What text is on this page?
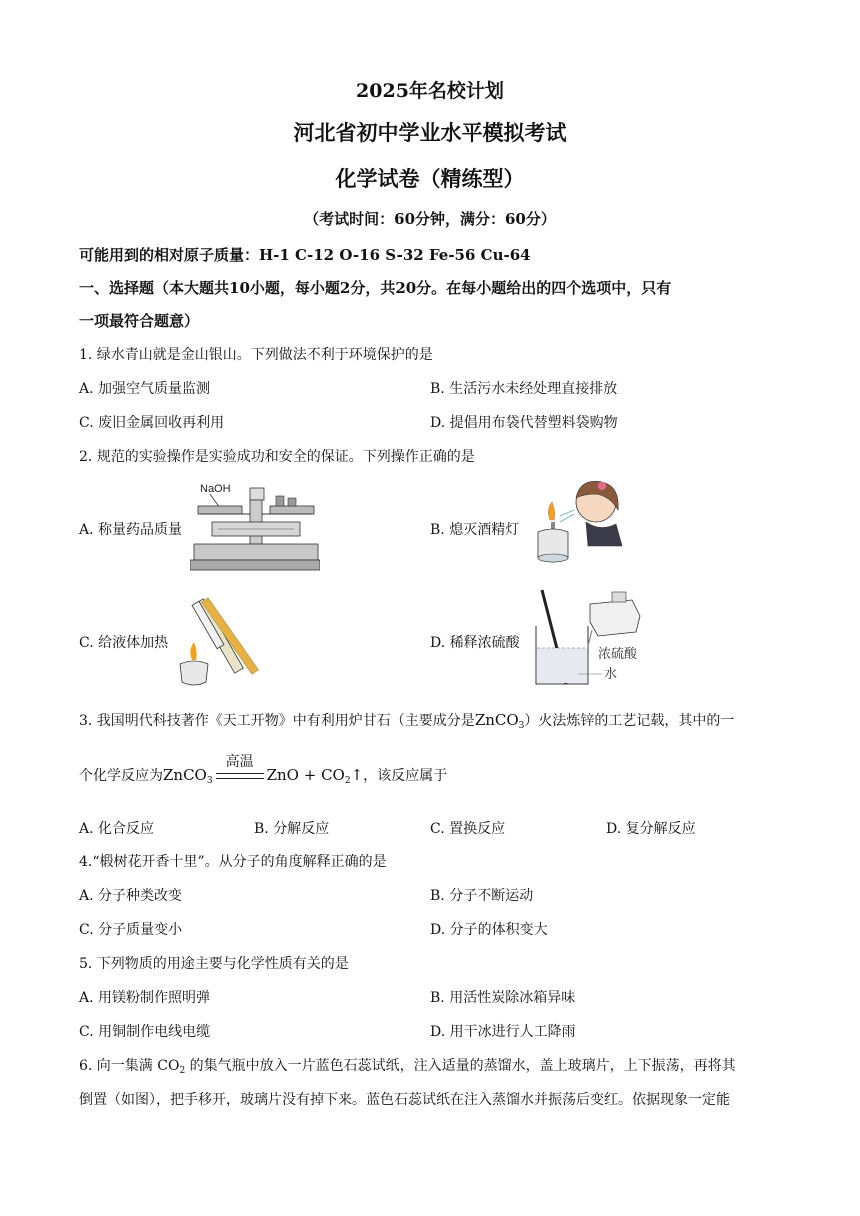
2025年名校计划
河北省初中学业水平模拟考试
化学试卷（精练型）
（考试时间：60分钟，满分：60分）
可能用到的相对原子质量：H-1 C-12 O-16 S-32 Fe-56 Cu-64
一、选择题（本大题共10小题，每小题2分，共20分。在每小题给出的四个选项中，只有
一项最符合题意）
1. 绿水青山就是金山银山。下列做法不利于环境保护的是
A. 加强空气质量监测	B. 生活污水未经处理直接排放
C. 废旧金属回收再利用	D. 提倡用布袋代替塑料袋购物
2. 规范的实验操作是实验成功和安全的保证。下列操作正确的是
A. 称量药品质量	B. 熄灭酒精灯
C. 给液体加热	D. 稀释浓硫酸
NaOH
浓硫酸
水
3. 我国明代科技著作《天工开物》中有利用炉甘石（主要成分是ZnCO$_3$）火法炼锌的工艺记载，其中的一
个化学反应为ZnCO$_3$
高温
ZnO + $CO_2↑$，该反应属于
A. 化合反应	B. 分解反应	C. 置换反应	D. 复分解反应
4.“椴树花开香十里”。从分子的角度解释正确的是
A. 分子种类改变	B. 分子不断运动
C. 分子质量变小	D. 分子的体积变大
5. 下列物质的用途主要与化学性质有关的是
A. 用镁粉制作照明弹	B. 用活性炭除冰箱异味
C. 用铜制作电线电缆	D. 用干冰进行人工降雨
6. 向一集满 $CO_2$ 的集气瓶中放入一片蓝色石蕊试纸，注入适量的蒸馏水，盖上玻璃片，上下振荡，再将其
倒置（如图），把手移开，玻璃片没有掉下来。蓝色石蕊试纸在注入蒸馏水并振荡后变红。依据现象一定能
